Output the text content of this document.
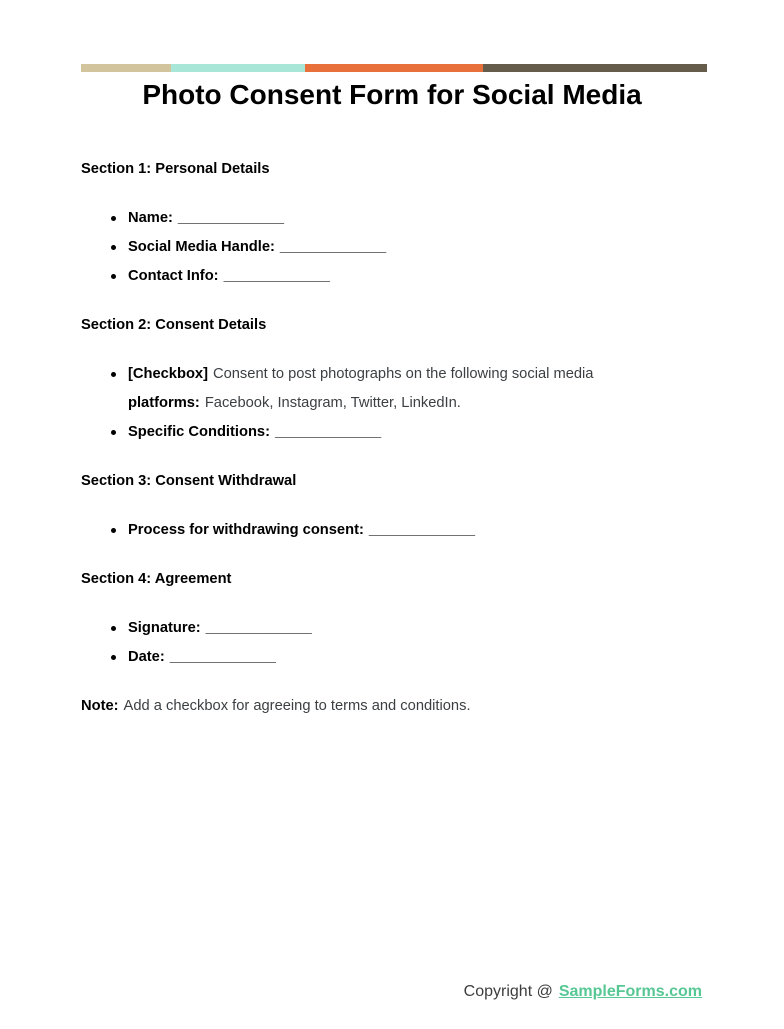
Photo Consent Form for Social Media

Section 1: Personal Details

Name: _____________
Social Media Handle: _____________
Contact Info: _____________

Section 2: Consent Details

[Checkbox] Consent to post photographs on the following social media
platforms: Facebook, Instagram, Twitter, LinkedIn.
Specific Conditions: _____________

Section 3: Consent Withdrawal

Process for withdrawing consent: _____________

Section 4: Agreement

Signature: _____________
Date: _____________

Note: Add a checkbox for agreeing to terms and conditions.

Copyright @ SampleForms.com
